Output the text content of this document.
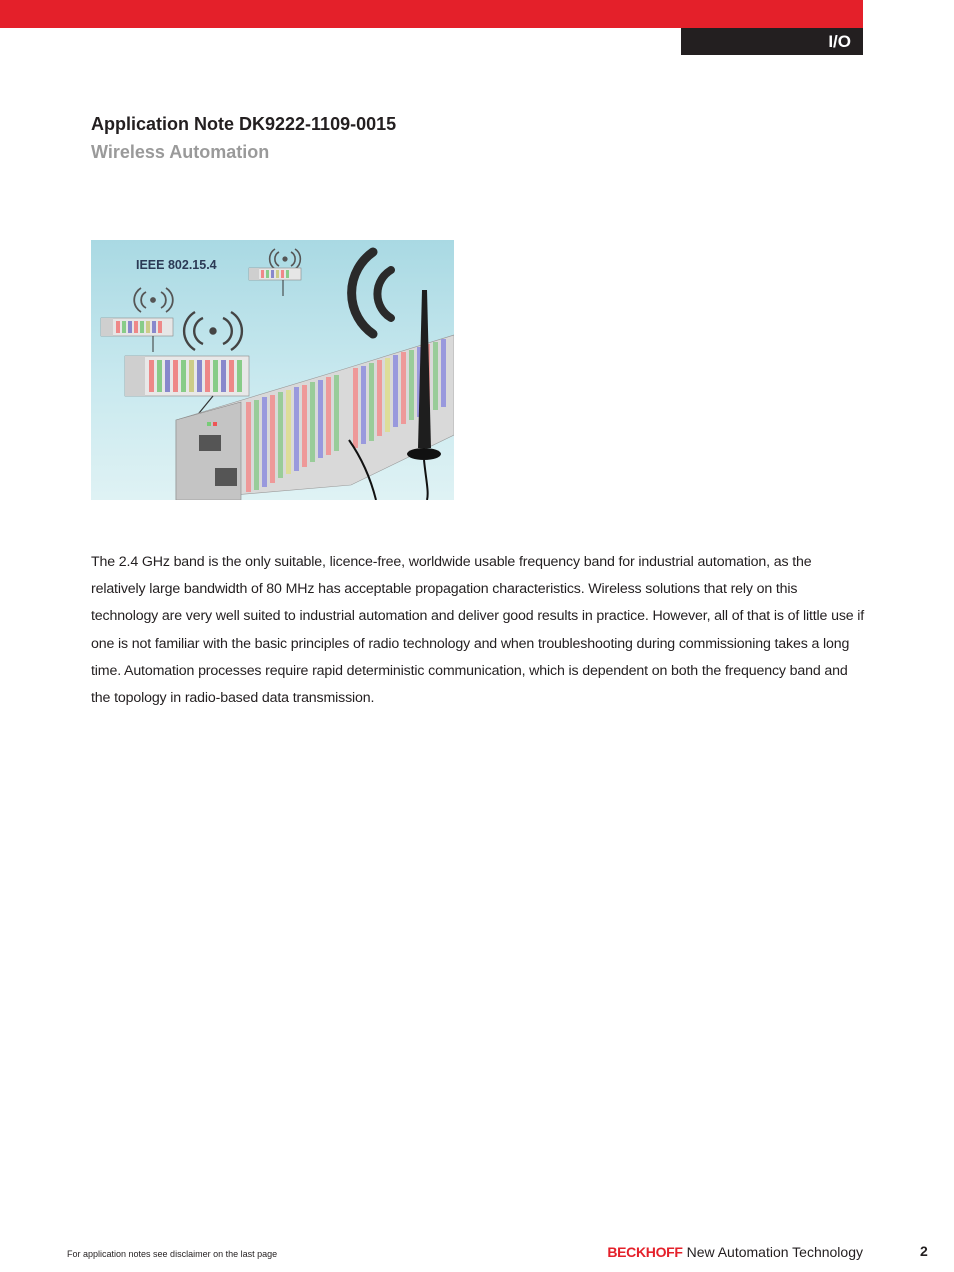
I/O
Application Note DK9222-1109-0015
Wireless Automation
IEEE 802.15.4
The 2.4 GHz band is the only suitable, licence-free, worldwide usable frequency band for industrial automation, as the relatively large bandwidth of 80 MHz has acceptable propagation characteristics. Wireless solutions that rely on this technology are very well suited to industrial automation and deliver good results in practice. However, all of that is of little use if one is not familiar with the basic principles of radio technology and when troubleshooting during commissioning takes a long time. Automation processes require rapid deterministic communication, which is dependent on both the frequency band and the topology in radio-based data transmission.
For application notes see disclaimer on the last page	BECKHOFF New Automation Technology	2
